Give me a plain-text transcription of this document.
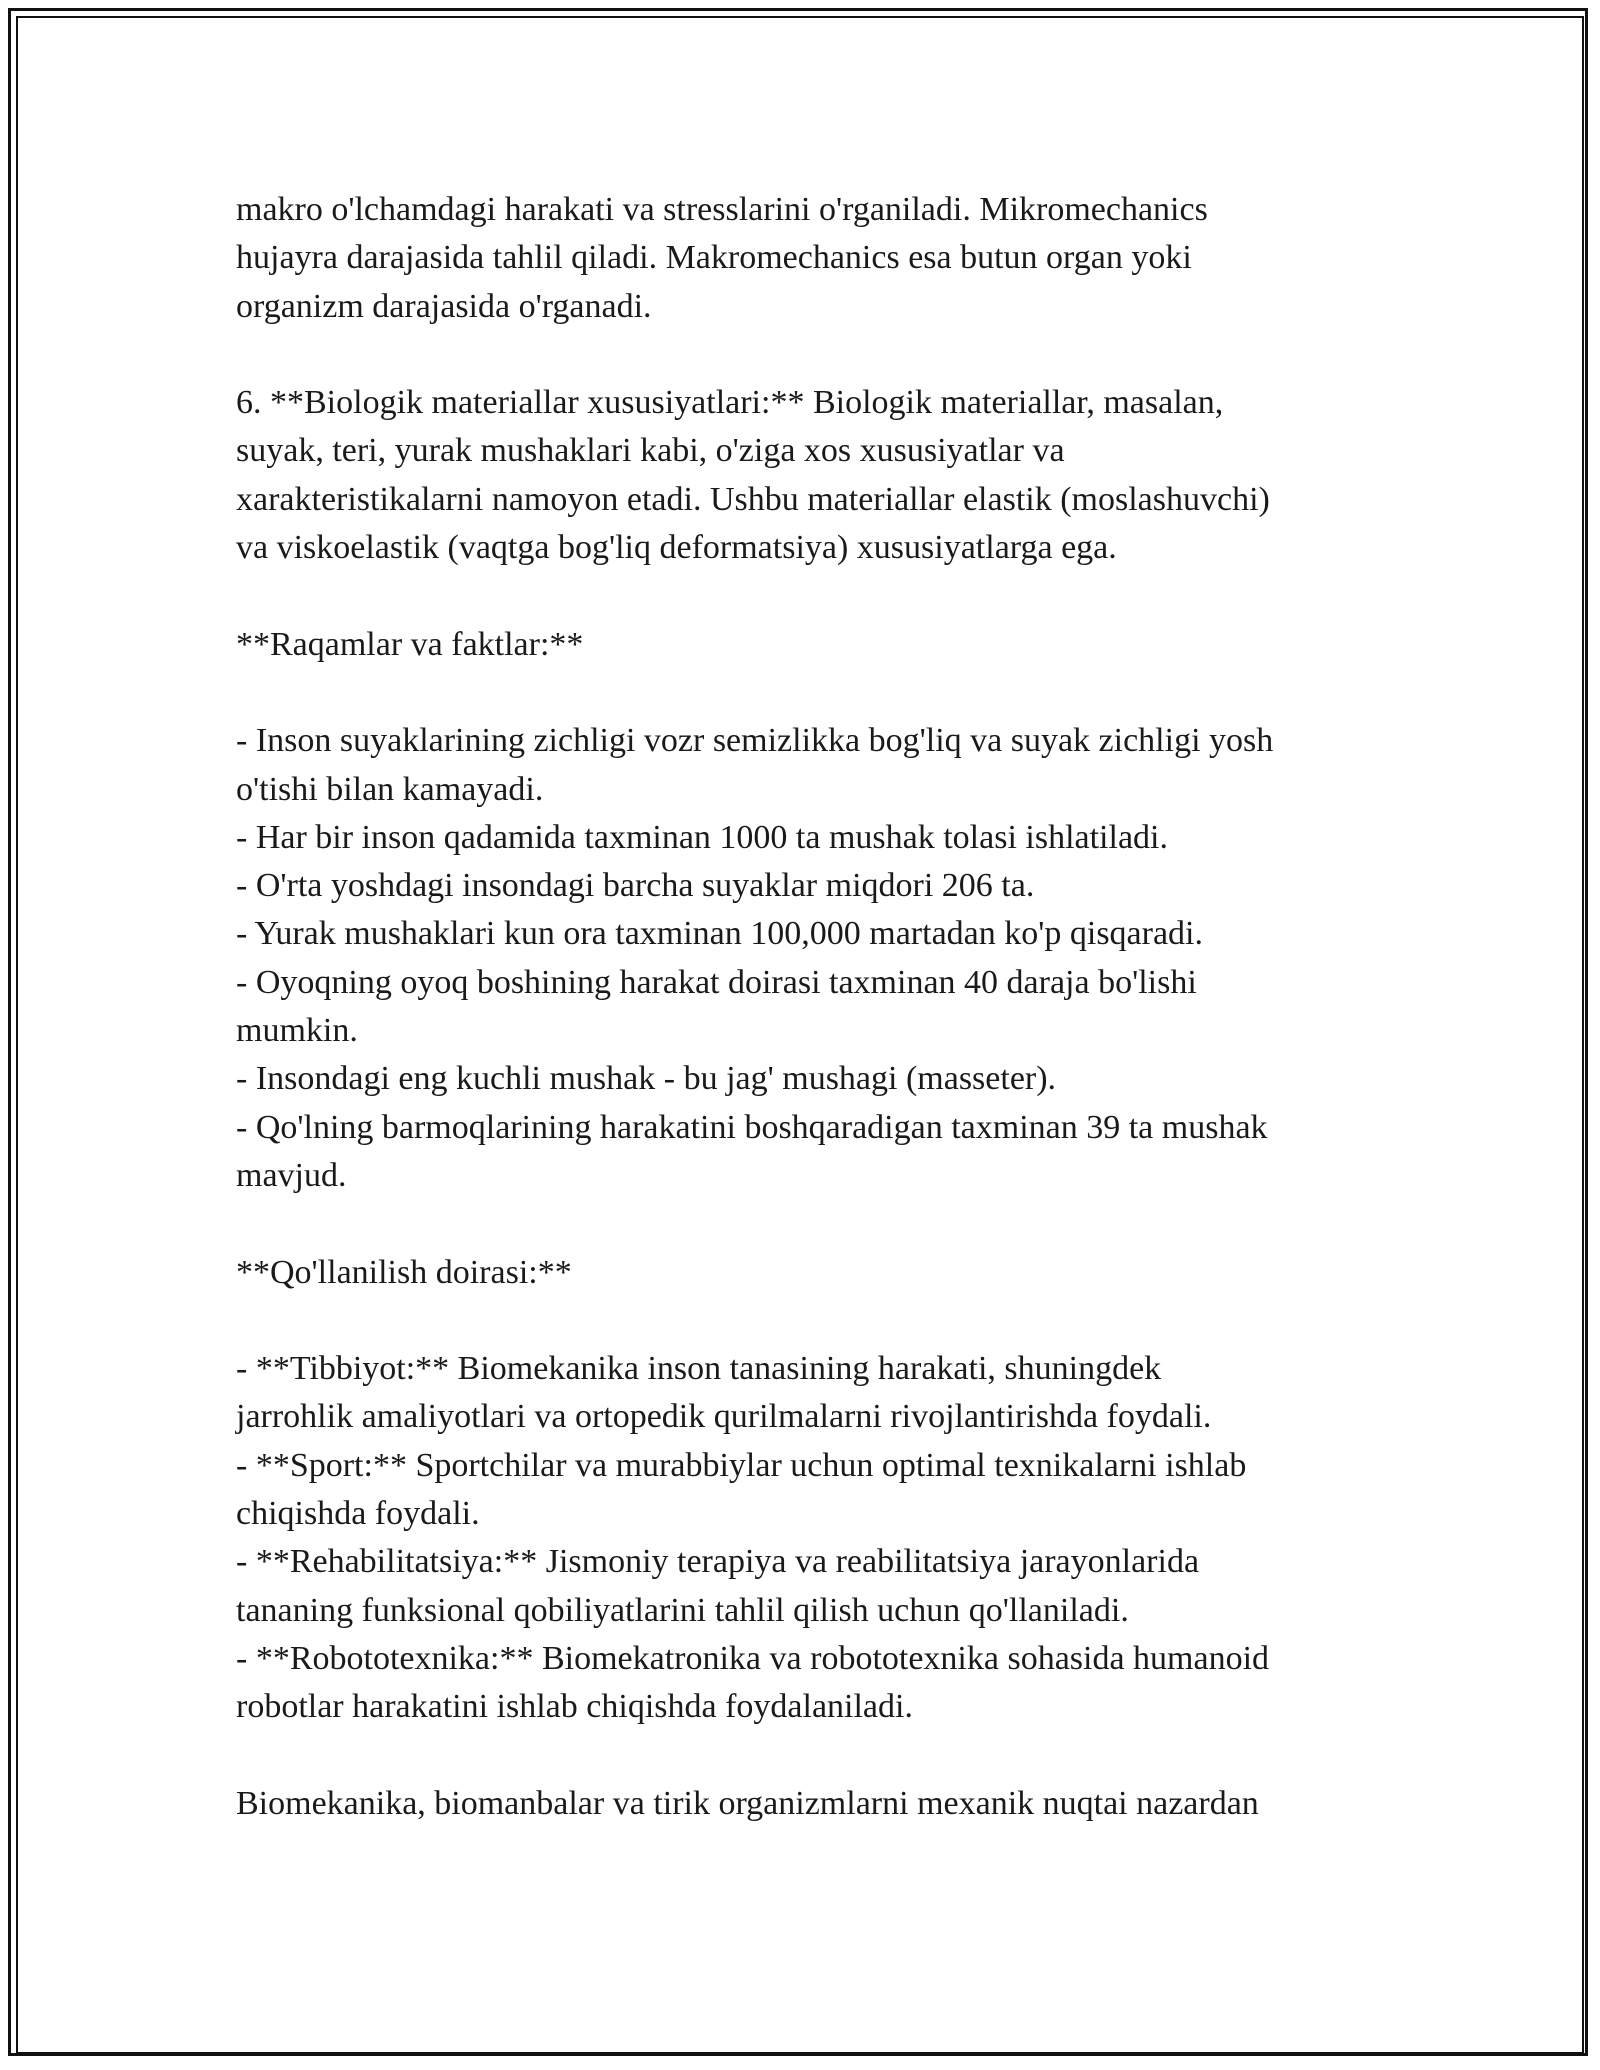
makro o'lchamdagi harakati va stresslarini o'rganiladi. Mikromechanics
hujayra darajasida tahlil qiladi. Makromechanics esa butun organ yoki
organizm darajasida o'rganadi.
6. **Biologik materiallar xususiyatlari:** Biologik materiallar, masalan,
suyak, teri, yurak mushaklari kabi, o'ziga xos xususiyatlar va
xarakteristikalarni namoyon etadi. Ushbu materiallar elastik (moslashuvchi)
va viskoelastik (vaqtga bog'liq deformatsiya) xususiyatlarga ega.
**Raqamlar va faktlar:**
- Inson suyaklarining zichligi vozr semizlikka bog'liq va suyak zichligi yosh
o'tishi bilan kamayadi.
- Har bir inson qadamida taxminan 1000 ta mushak tolasi ishlatiladi.
- O'rta yoshdagi insondagi barcha suyaklar miqdori 206 ta.
- Yurak mushaklari kun ora taxminan 100,000 martadan ko'p qisqaradi.
- Oyoqning oyoq boshining harakat doirasi taxminan 40 daraja bo'lishi
mumkin.
- Insondagi eng kuchli mushak - bu jag' mushagi (masseter).
- Qo'lning barmoqlarining harakatini boshqaradigan taxminan 39 ta mushak
mavjud.
**Qo'llanilish doirasi:**
- **Tibbiyot:** Biomekanika inson tanasining harakati, shuningdek
jarrohlik amaliyotlari va ortopedik qurilmalarni rivojlantirishda foydali.
- **Sport:** Sportchilar va murabbiylar uchun optimal texnikalarni ishlab
chiqishda foydali.
- **Rehabilitatsiya:** Jismoniy terapiya va reabilitatsiya jarayonlarida
tananing funksional qobiliyatlarini tahlil qilish uchun qo'llaniladi.
- **Robototexnika:** Biomekatronika va robototexnika sohasida humanoid
robotlar harakatini ishlab chiqishda foydalaniladi.
Biomekanika, biomanbalar va tirik organizmlarni mexanik nuqtai nazardan
